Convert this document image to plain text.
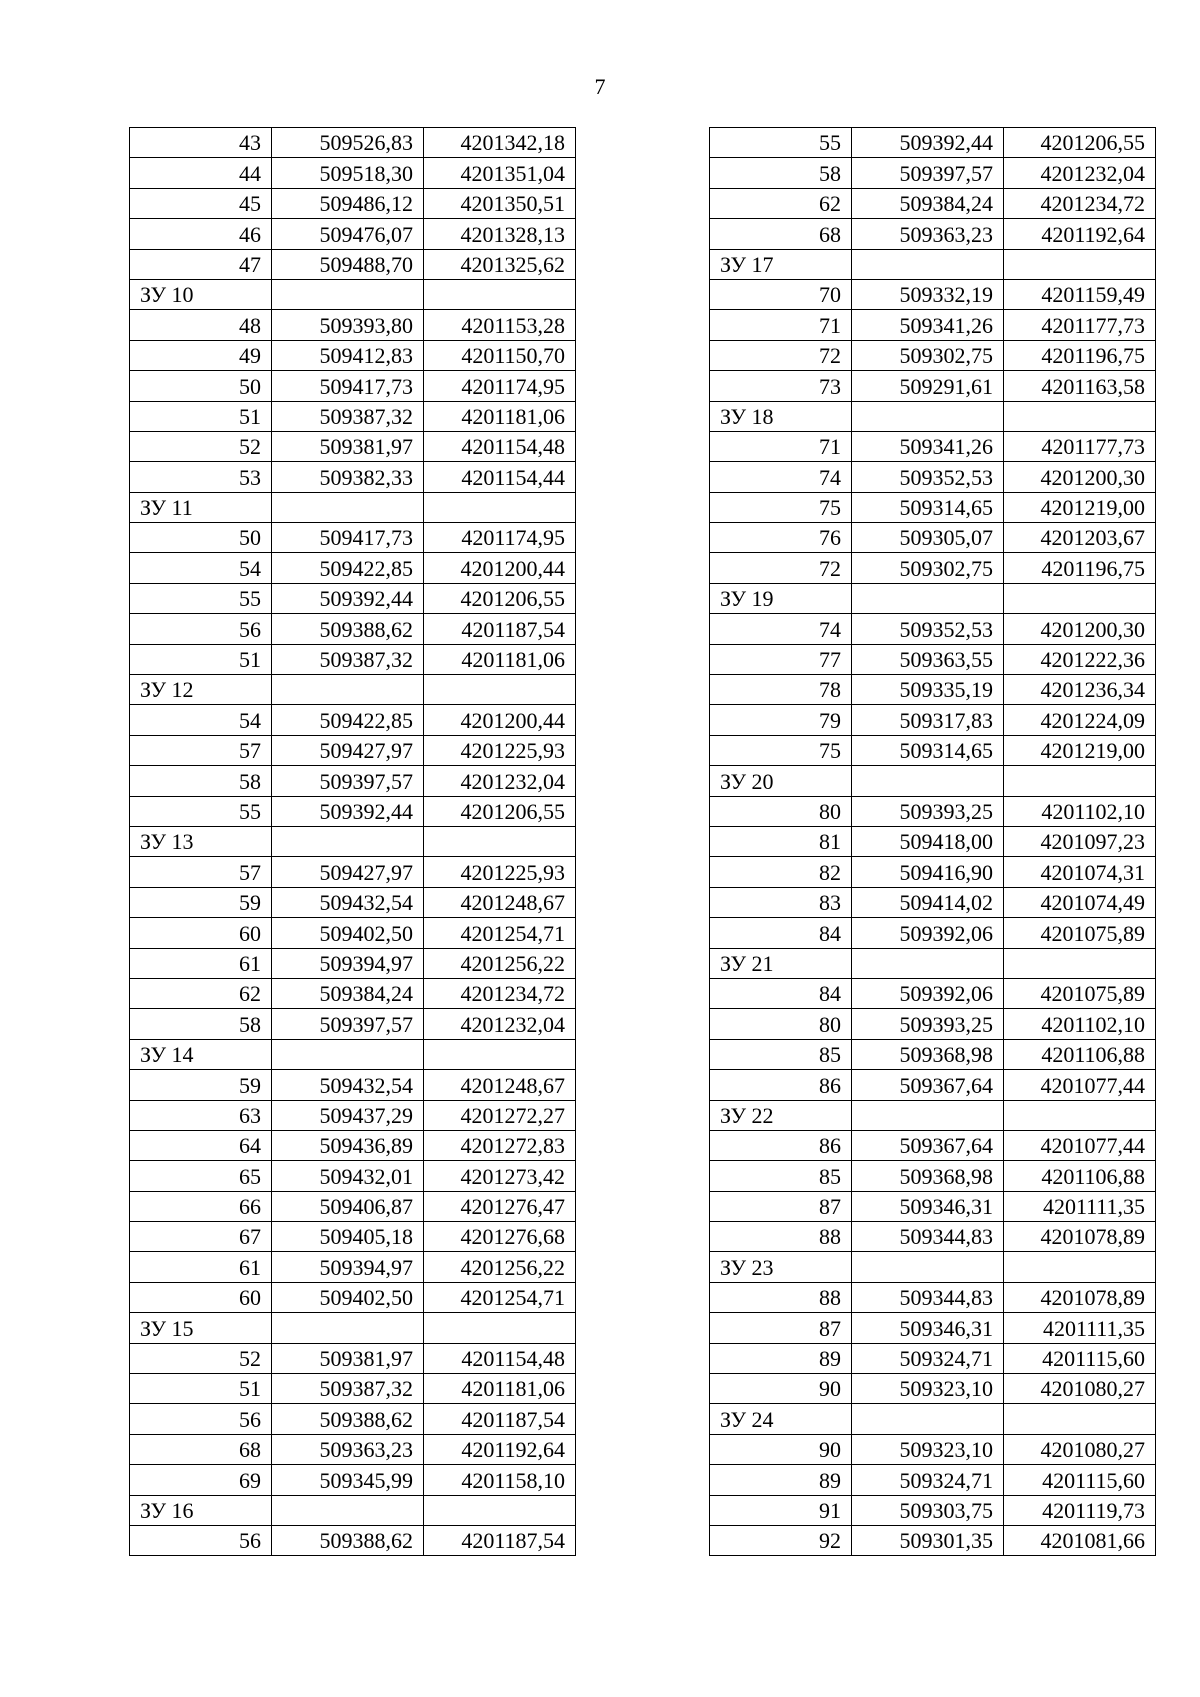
7
43	509526,83	4201342,18
44	509518,30	4201351,04
45	509486,12	4201350,51
46	509476,07	4201328,13
47	509488,70	4201325,62
ЗУ 10		
48	509393,80	4201153,28
49	509412,83	4201150,70
50	509417,73	4201174,95
51	509387,32	4201181,06
52	509381,97	4201154,48
53	509382,33	4201154,44
ЗУ 11		
50	509417,73	4201174,95
54	509422,85	4201200,44
55	509392,44	4201206,55
56	509388,62	4201187,54
51	509387,32	4201181,06
ЗУ 12		
54	509422,85	4201200,44
57	509427,97	4201225,93
58	509397,57	4201232,04
55	509392,44	4201206,55
ЗУ 13		
57	509427,97	4201225,93
59	509432,54	4201248,67
60	509402,50	4201254,71
61	509394,97	4201256,22
62	509384,24	4201234,72
58	509397,57	4201232,04
ЗУ 14		
59	509432,54	4201248,67
63	509437,29	4201272,27
64	509436,89	4201272,83
65	509432,01	4201273,42
66	509406,87	4201276,47
67	509405,18	4201276,68
61	509394,97	4201256,22
60	509402,50	4201254,71
ЗУ 15		
52	509381,97	4201154,48
51	509387,32	4201181,06
56	509388,62	4201187,54
68	509363,23	4201192,64
69	509345,99	4201158,10
ЗУ 16		
56	509388,62	4201187,54
55	509392,44	4201206,55
58	509397,57	4201232,04
62	509384,24	4201234,72
68	509363,23	4201192,64
ЗУ 17		
70	509332,19	4201159,49
71	509341,26	4201177,73
72	509302,75	4201196,75
73	509291,61	4201163,58
ЗУ 18		
71	509341,26	4201177,73
74	509352,53	4201200,30
75	509314,65	4201219,00
76	509305,07	4201203,67
72	509302,75	4201196,75
ЗУ 19		
74	509352,53	4201200,30
77	509363,55	4201222,36
78	509335,19	4201236,34
79	509317,83	4201224,09
75	509314,65	4201219,00
ЗУ 20		
80	509393,25	4201102,10
81	509418,00	4201097,23
82	509416,90	4201074,31
83	509414,02	4201074,49
84	509392,06	4201075,89
ЗУ 21		
84	509392,06	4201075,89
80	509393,25	4201102,10
85	509368,98	4201106,88
86	509367,64	4201077,44
ЗУ 22		
86	509367,64	4201077,44
85	509368,98	4201106,88
87	509346,31	4201111,35
88	509344,83	4201078,89
ЗУ 23		
88	509344,83	4201078,89
87	509346,31	4201111,35
89	509324,71	4201115,60
90	509323,10	4201080,27
ЗУ 24		
90	509323,10	4201080,27
89	509324,71	4201115,60
91	509303,75	4201119,73
92	509301,35	4201081,66
